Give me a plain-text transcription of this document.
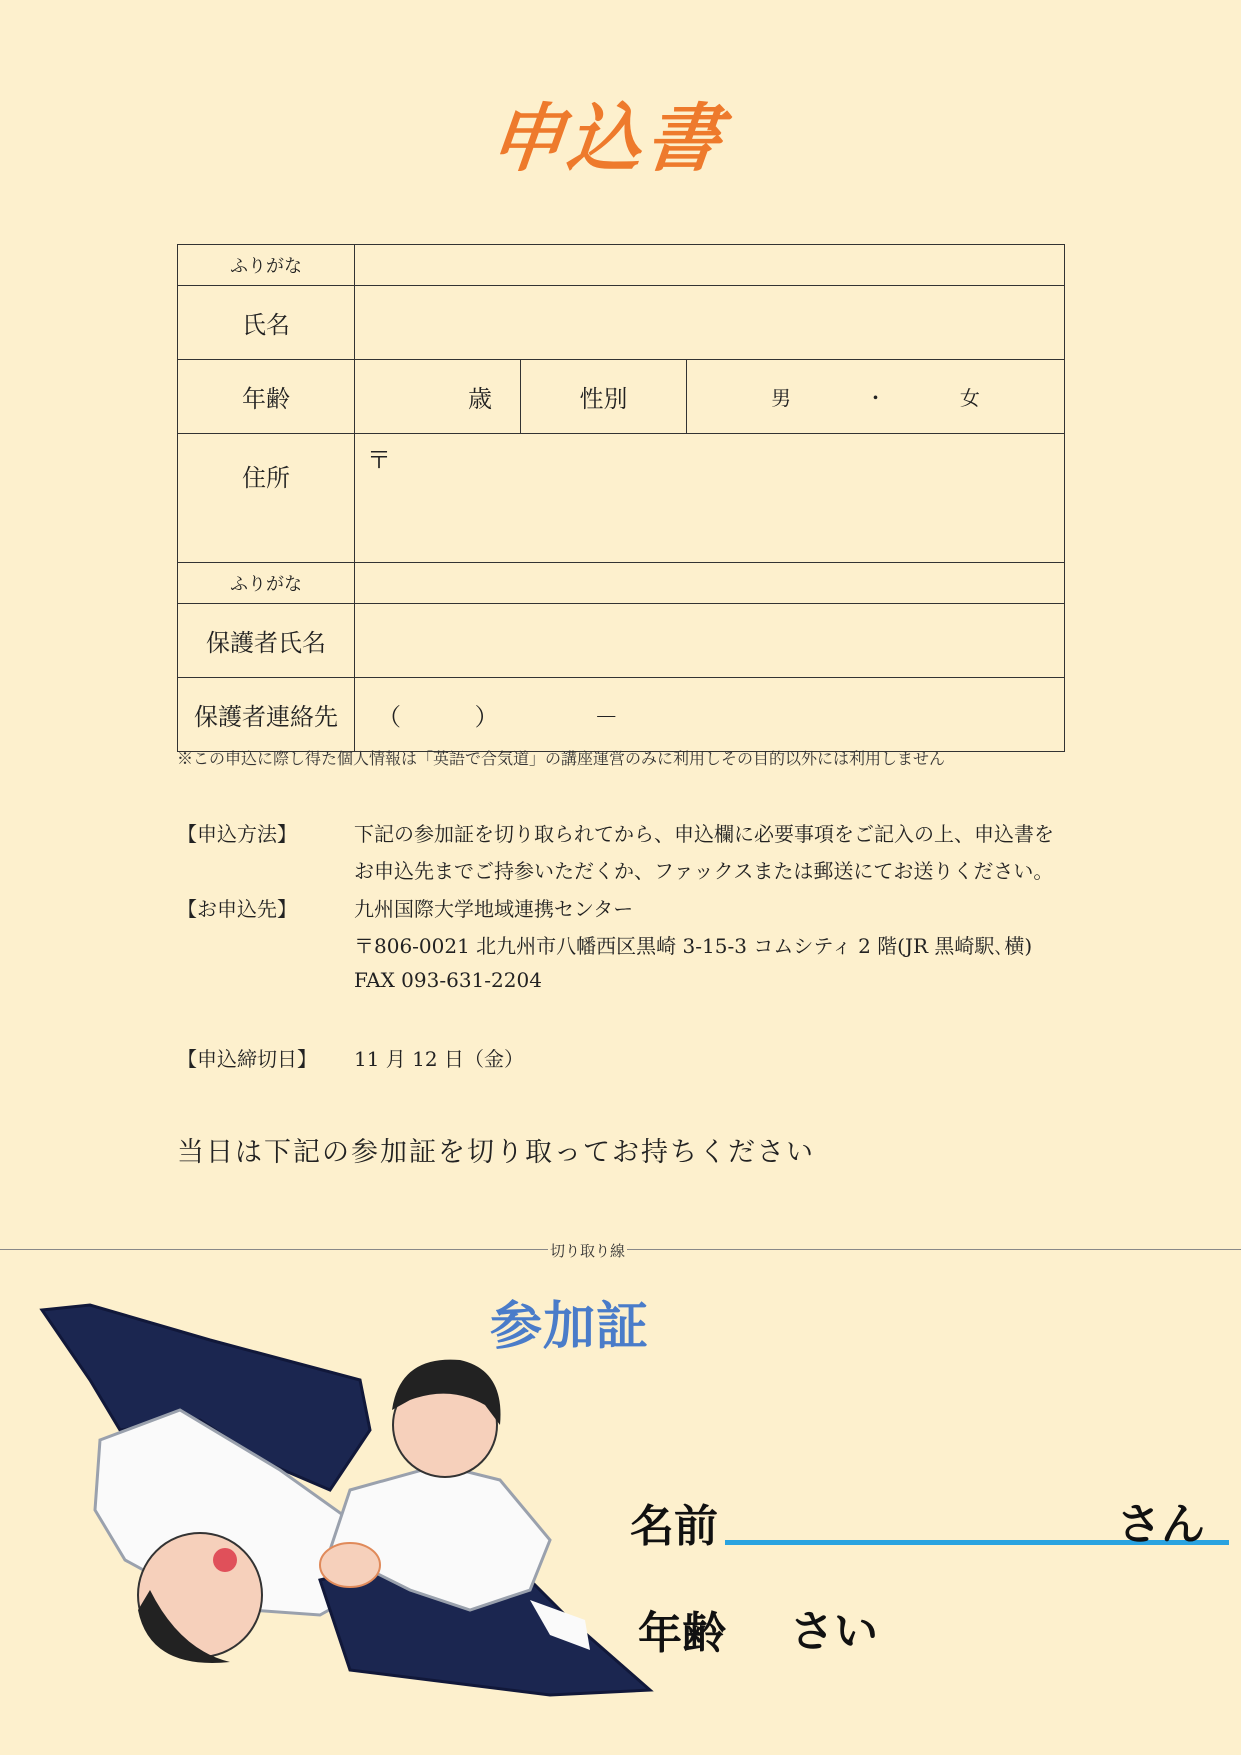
申込書
ふりがな			
氏名			
年齢	歳	性別	男 ・ 女
住所	〒		
ふりがな			
保護者氏名			
保護者連絡先	（ ） －		
※この申込に際し得た個人情報は「英語で合気道」の講座運営のみに利用しその目的以外には利用しません
【申込方法】	下記の参加証を切り取られてから、申込欄に必要事項をご記入の上、申込書を
お申込先までご持参いただくか、ファックスまたは郵送にてお送りください。
【お申込先】	九州国際大学地域連携センター
〒806-0021 北九州市八幡西区黒崎 3-15-3 コムシティ 2 階(JR 黒崎駅､横)
FAX 093-631-2204
【申込締切日】 11 月 12 日（金）
当日は下記の参加証を切り取ってお持ちください
切り取り線
参加証
名前	さん
年齢 さい
